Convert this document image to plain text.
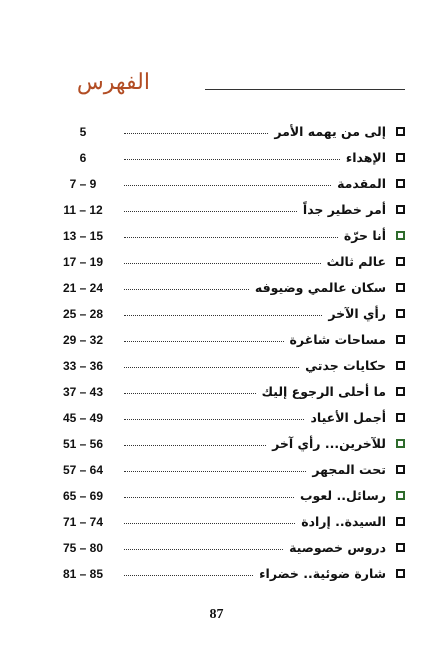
الفهرس
إلى من يهمه الأمر
5
الإهداء
6
المقدمة
7 – 9
أمر خطير جداً
11 – 12
أنا حرّة
13 – 15
عالم ثالث
17 – 19
سكان عالمي وضيوفه
21 – 24
رأي الآخر
25 – 28
مساحات شاغرة
29 – 32
حكايات جدتي
33 – 36
ما أحلى الرجوع إليك
37 – 43
أجمل الأعياد
45 – 49
للآخرين... رأي آخر
51 – 56
تحت المجهر
57 – 64
رسائل.. لعوب
65 – 69
السيدة.. إرادة
71 – 74
دروس خصوصية
75 – 80
شارة ضوئية.. خضراء
81 – 85
87
